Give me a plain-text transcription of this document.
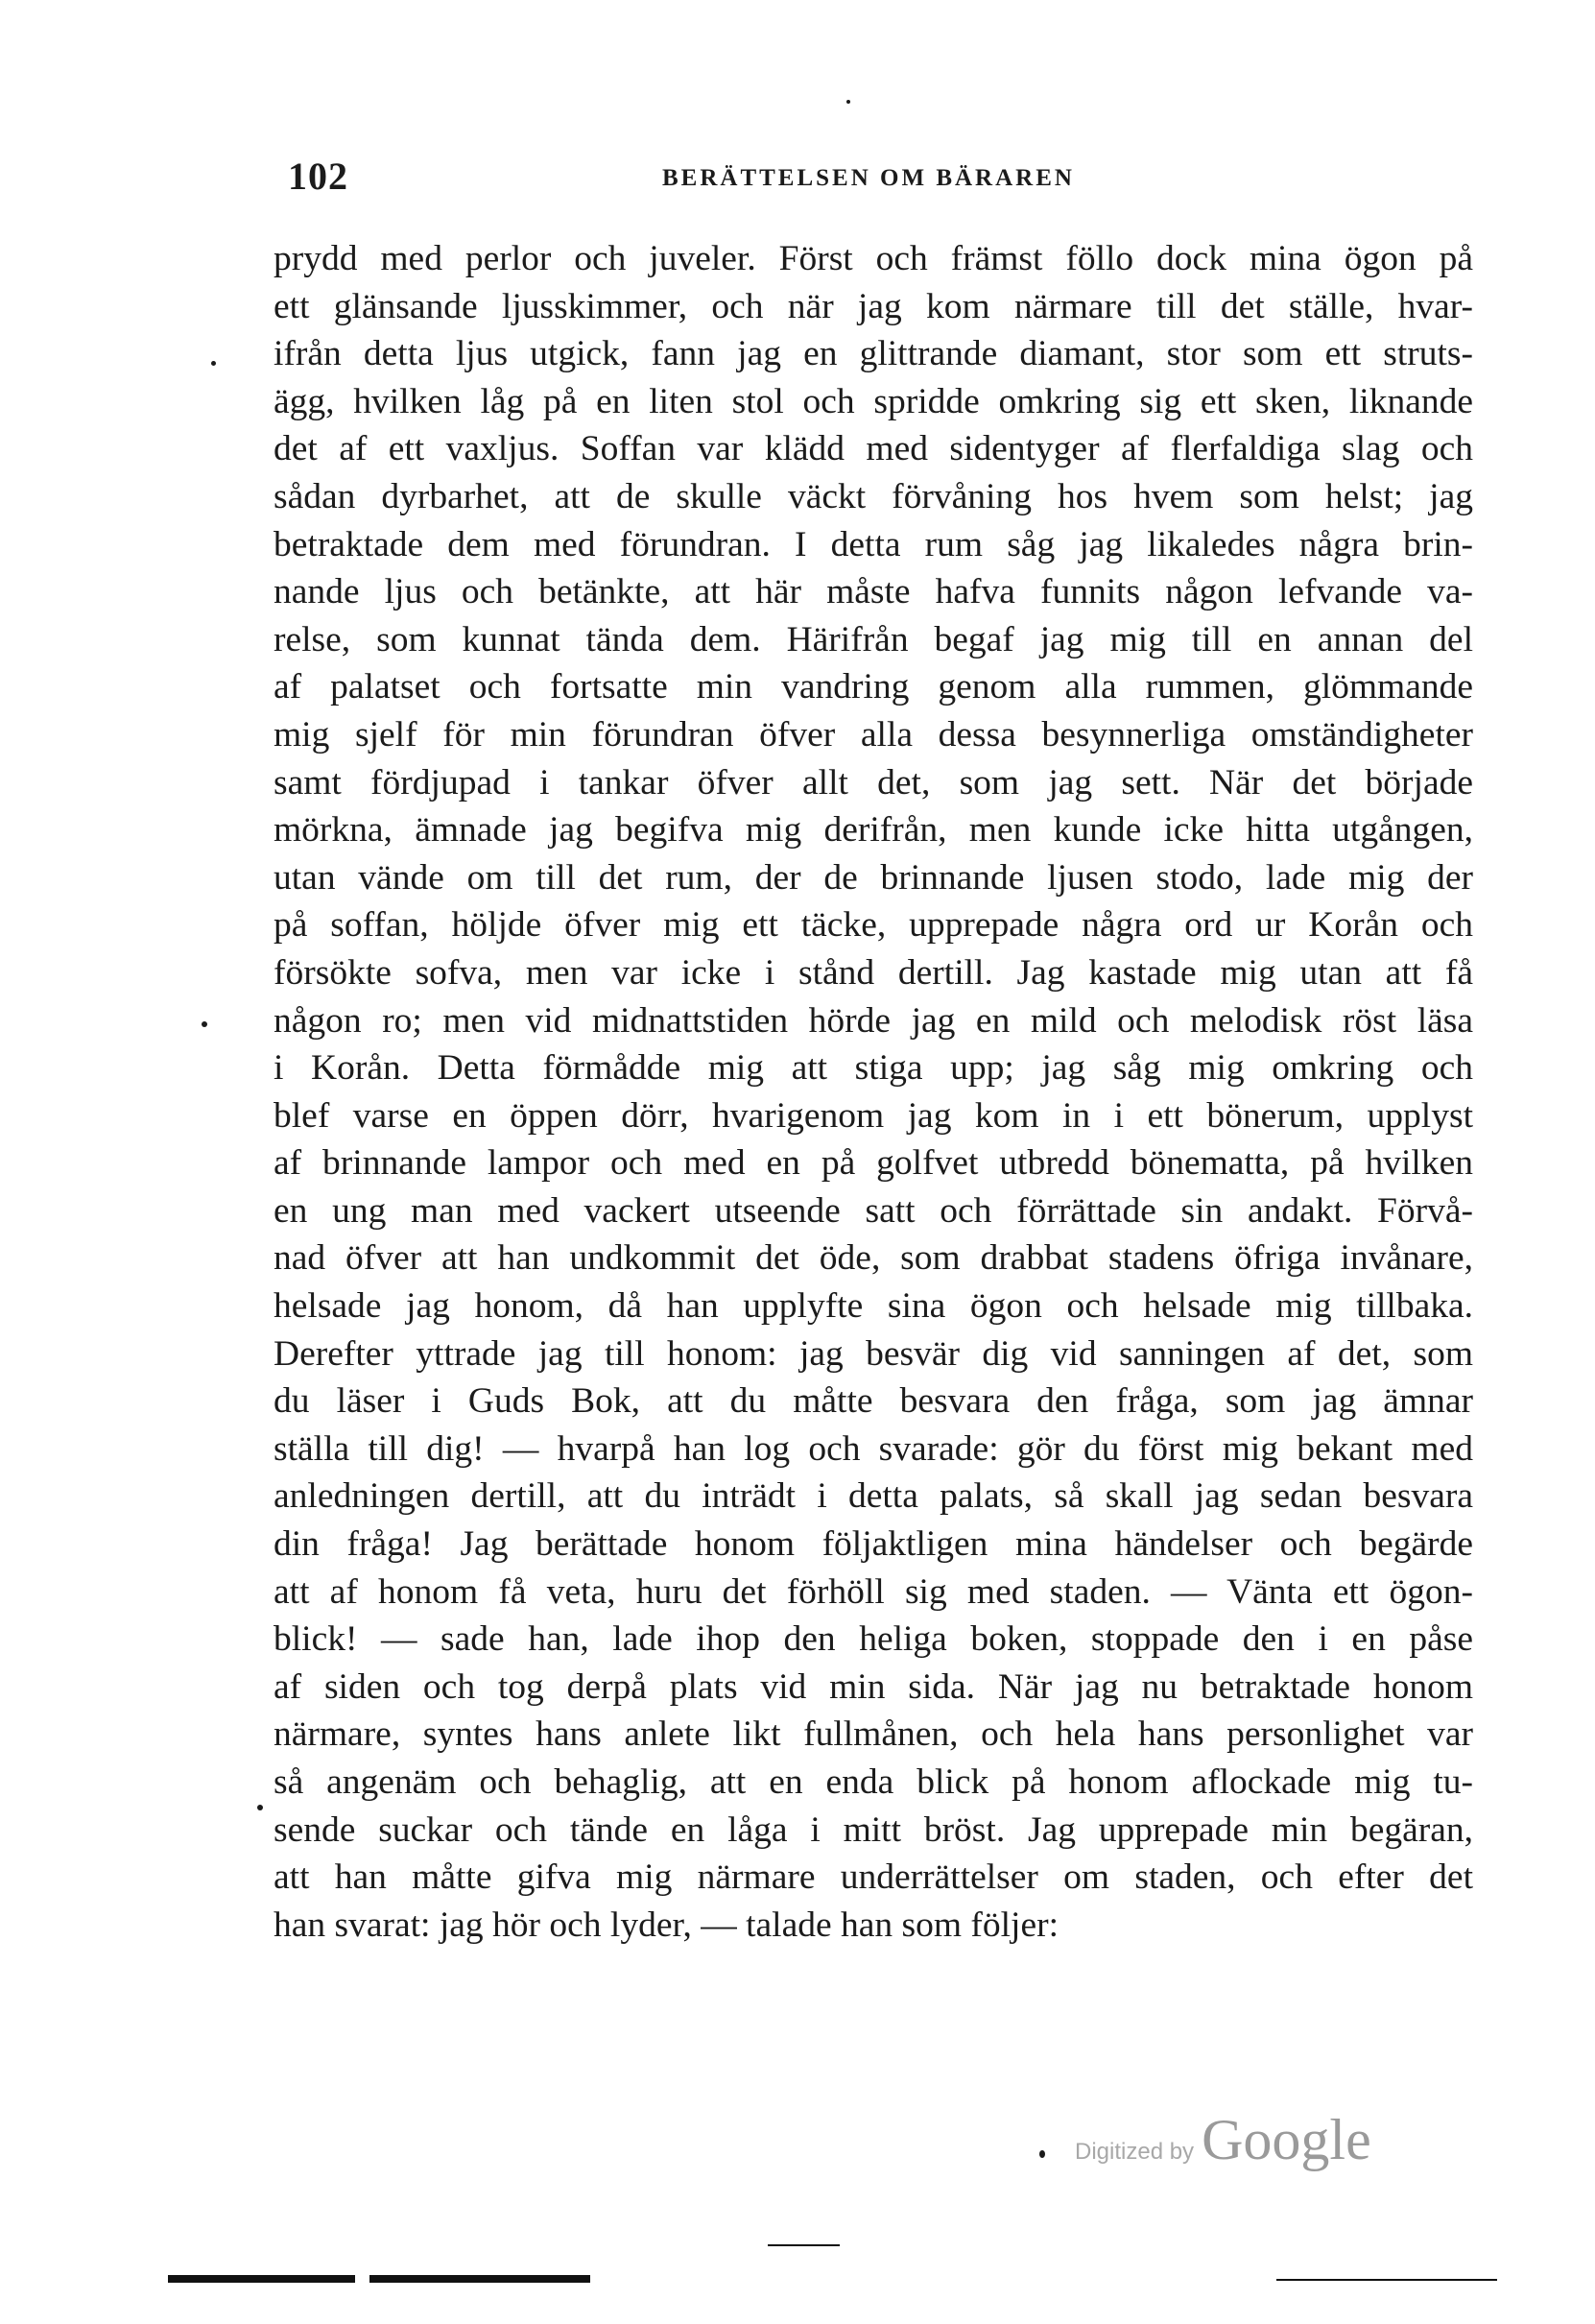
102	BERÄTTELSEN OM BÄRAREN
prydd med perlor och juveler. Först och främst föllo dock mina ögon på
ett glänsande ljusskimmer, och när jag kom närmare till det ställe, hvar-
ifrån detta ljus utgick, fann jag en glittrande diamant, stor som ett struts-
ägg, hvilken låg på en liten stol och spridde omkring sig ett sken, liknande
det af ett vaxljus. Soffan var klädd med sidentyger af flerfaldiga slag och
sådan dyrbarhet, att de skulle väckt förvåning hos hvem som helst; jag
betraktade dem med förundran. I detta rum såg jag likaledes några brin-
nande ljus och betänkte, att här måste hafva funnits någon lefvande va-
relse, som kunnat tända dem. Härifrån begaf jag mig till en annan del
af palatset och fortsatte min vandring genom alla rummen, glömmande
mig sjelf för min förundran öfver alla dessa besynnerliga omständigheter
samt fördjupad i tankar öfver allt det, som jag sett. När det började
mörkna, ämnade jag begifva mig derifrån, men kunde icke hitta utgången,
utan vände om till det rum, der de brinnande ljusen stodo, lade mig der
på soffan, höljde öfver mig ett täcke, upprepade några ord ur Korån och
försökte sofva, men var icke i stånd dertill. Jag kastade mig utan att få
någon ro; men vid midnattstiden hörde jag en mild och melodisk röst läsa
i Korån. Detta förmådde mig att stiga upp; jag såg mig omkring och
blef varse en öppen dörr, hvarigenom jag kom in i ett bönerum, upplyst
af brinnande lampor och med en på golfvet utbredd bönematta, på hvilken
en ung man med vackert utseende satt och förrättade sin andakt. Förvå-
nad öfver att han undkommit det öde, som drabbat stadens öfriga invånare,
helsade jag honom, då han upplyfte sina ögon och helsade mig tillbaka.
Derefter yttrade jag till honom: jag besvär dig vid sanningen af det, som
du läser i Guds Bok, att du måtte besvara den fråga, som jag ämnar
ställa till dig! — hvarpå han log och svarade: gör du först mig bekant med
anledningen dertill, att du inträdt i detta palats, så skall jag sedan besvara
din fråga! Jag berättade honom följaktligen mina händelser och begärde
att af honom få veta, huru det förhöll sig med staden. — Vänta ett ögon-
blick! — sade han, lade ihop den heliga boken, stoppade den i en påse
af siden och tog derpå plats vid min sida. När jag nu betraktade honom
närmare, syntes hans anlete likt fullmånen, och hela hans personlighet var
så angenäm och behaglig, att en enda blick på honom aflockade mig tu-
sende suckar och tände en låga i mitt bröst. Jag upprepade min begäran,
att han måtte gifva mig närmare underrättelser om staden, och efter det
han svarat: jag hör och lyder, — talade han som följer:
Digitized by Google
